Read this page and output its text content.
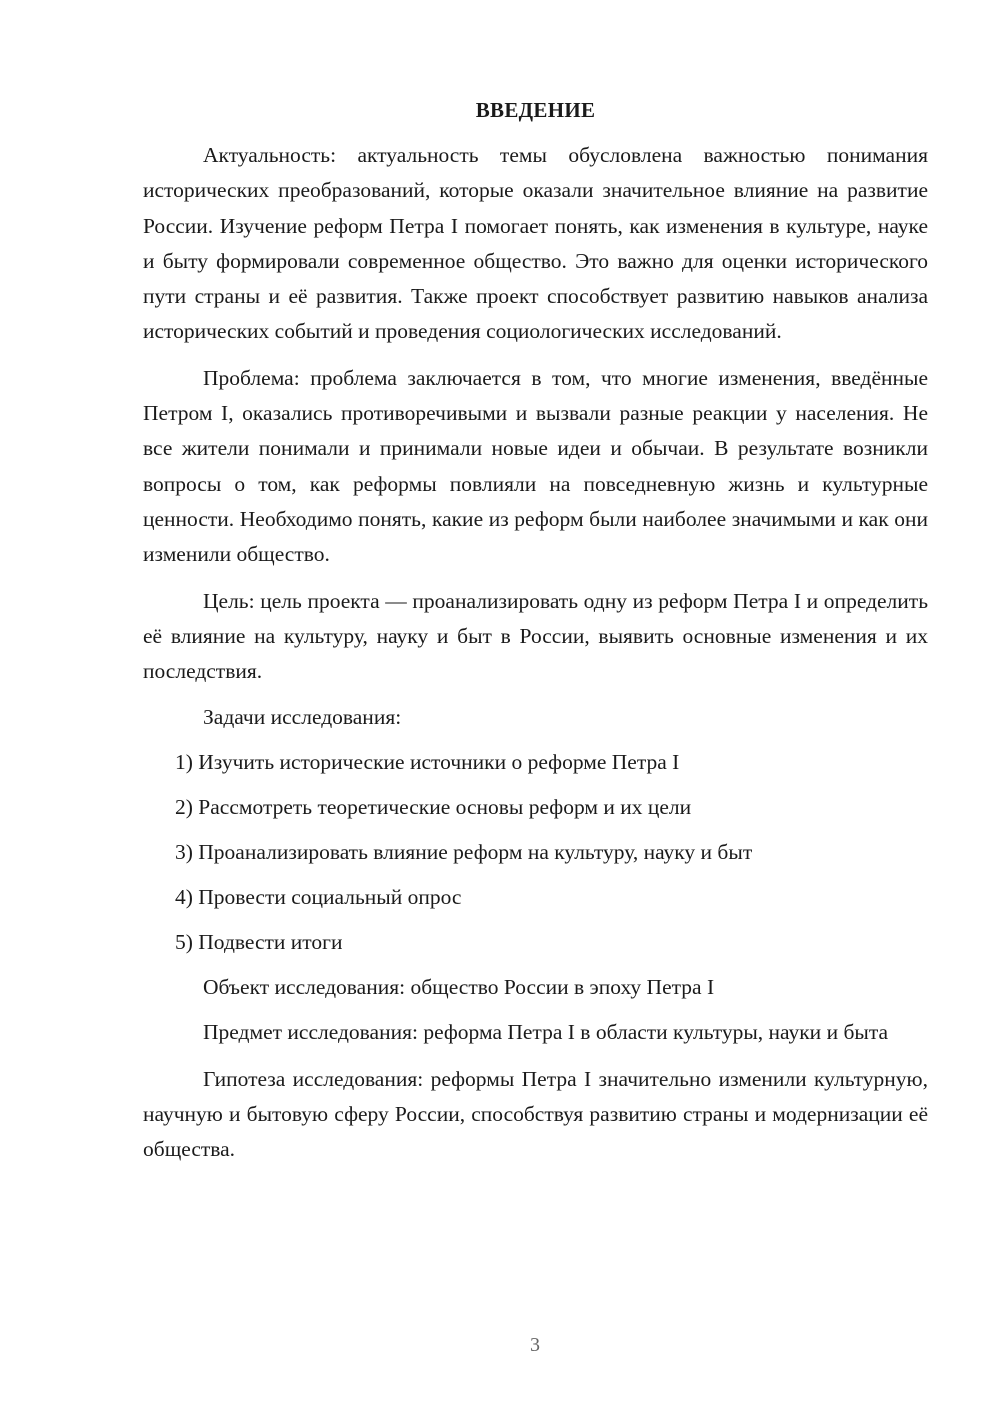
ВВЕДЕНИЕ

Актуальность: актуальность темы обусловлена важностью понимания исторических преобразований, которые оказали значительное влияние на развитие России. Изучение реформ Петра I помогает понять, как изменения в культуре, науке и быту формировали современное общество. Это важно для оценки исторического пути страны и её развития. Также проект способствует развитию навыков анализа исторических событий и проведения социологических исследований.

Проблема: проблема заключается в том, что многие изменения, введённые Петром I, оказались противоречивыми и вызвали разные реакции у населения. Не все жители понимали и принимали новые идеи и обычаи. В результате возникли вопросы о том, как реформы повлияли на повседневную жизнь и культурные ценности. Необходимо понять, какие из реформ были наиболее значимыми и как они изменили общество.

Цель: цель проекта — проанализировать одну из реформ Петра I и определить её влияние на культуру, науку и быт в России, выявить основные изменения и их последствия.

Задачи исследования:

1) Изучить исторические источники о реформе Петра I
2) Рассмотреть теоретические основы реформ и их цели
3) Проанализировать влияние реформ на культуру, науку и быт
4) Провести социальный опрос
5) Подвести итоги

Объект исследования: общество России в эпоху Петра I

Предмет исследования: реформа Петра I в области культуры, науки и быта

Гипотеза исследования: реформы Петра I значительно изменили культурную, научную и бытовую сферу России, способствуя развитию страны и модернизации её общества.

3
